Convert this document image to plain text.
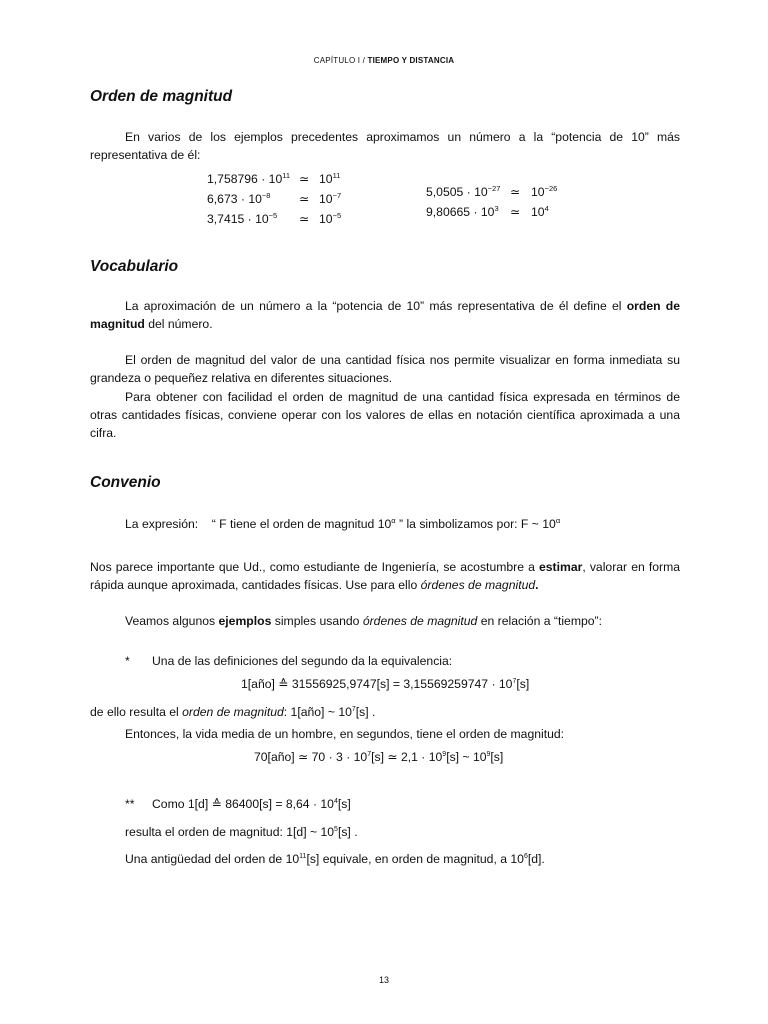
CAPÍTULO I / TIEMPO Y DISTANCIA
Orden de magnitud

En varios de los ejemplos precedentes aproximamos un número a la “potencia de 10” más representativa de él:

$1,758796 \cdot 10^{11}$ ≃ $10^{11}$
$6,673 \cdot 10^{-8}$ ≃ $10^{-7}$
$3,7415 \cdot 10^{-5}$ ≃ $10^{-5}$
$5,0505 \cdot 10^{-27}$ ≃ $10^{-26}$
$9,80665 \cdot 10^3$ ≃ $10^4$
Vocabulario

La aproximación de un número a la “potencia de 10” más representativa de él define el orden de magnitud del número.

El orden de magnitud del valor de una cantidad física nos permite visualizar en forma inmediata su grandeza o pequeñez relativa en diferentes situaciones.

Para obtener con facilidad el orden de magnitud de una cantidad física expresada en términos de otras cantidades físicas, conviene operar con los valores de ellas en notación científica aproximada a una cifra.

Convenio
La expresión: “ F tiene el orden de magnitud $10^\alpha$ ” la simbolizamos por: F ~ $10^\alpha$

Nos parece importante que Ud., como estudiante de Ingeniería, se acostumbre a estimar, valorar en forma rápida aunque aproximada, cantidades físicas. Use para ello órdenes de magnitud.

Veamos algunos ejemplos simples usando órdenes de magnitud en relación a “tiempo”:
* Una de las definiciones del segundo da la equivalencia:
1[año] ≙ $31556925,9747[s] = 3,15569259747 \cdot 10^7[s]$
de ello resulta el orden de magnitud: 1[año] ~ $10^7[s]$ .
Entonces, la vida media de un hombre, en segundos, tiene el orden de magnitud:
70[año] ≃ $70 \cdot 3 \cdot 10^7[s]$ ≃ $2,1 \cdot 10^9[s]$ ~ $10^9[s]$
** Como 1[d] ≙ $86400[s] = 8,64 \cdot 10^4[s]$
resulta el orden de magnitud: 1[d] ~ $10^5[s]$ .
Una antigüedad del orden de $10^{11}[s]$ equivale, en orden de magnitud, a $10^6[d]$.
13
